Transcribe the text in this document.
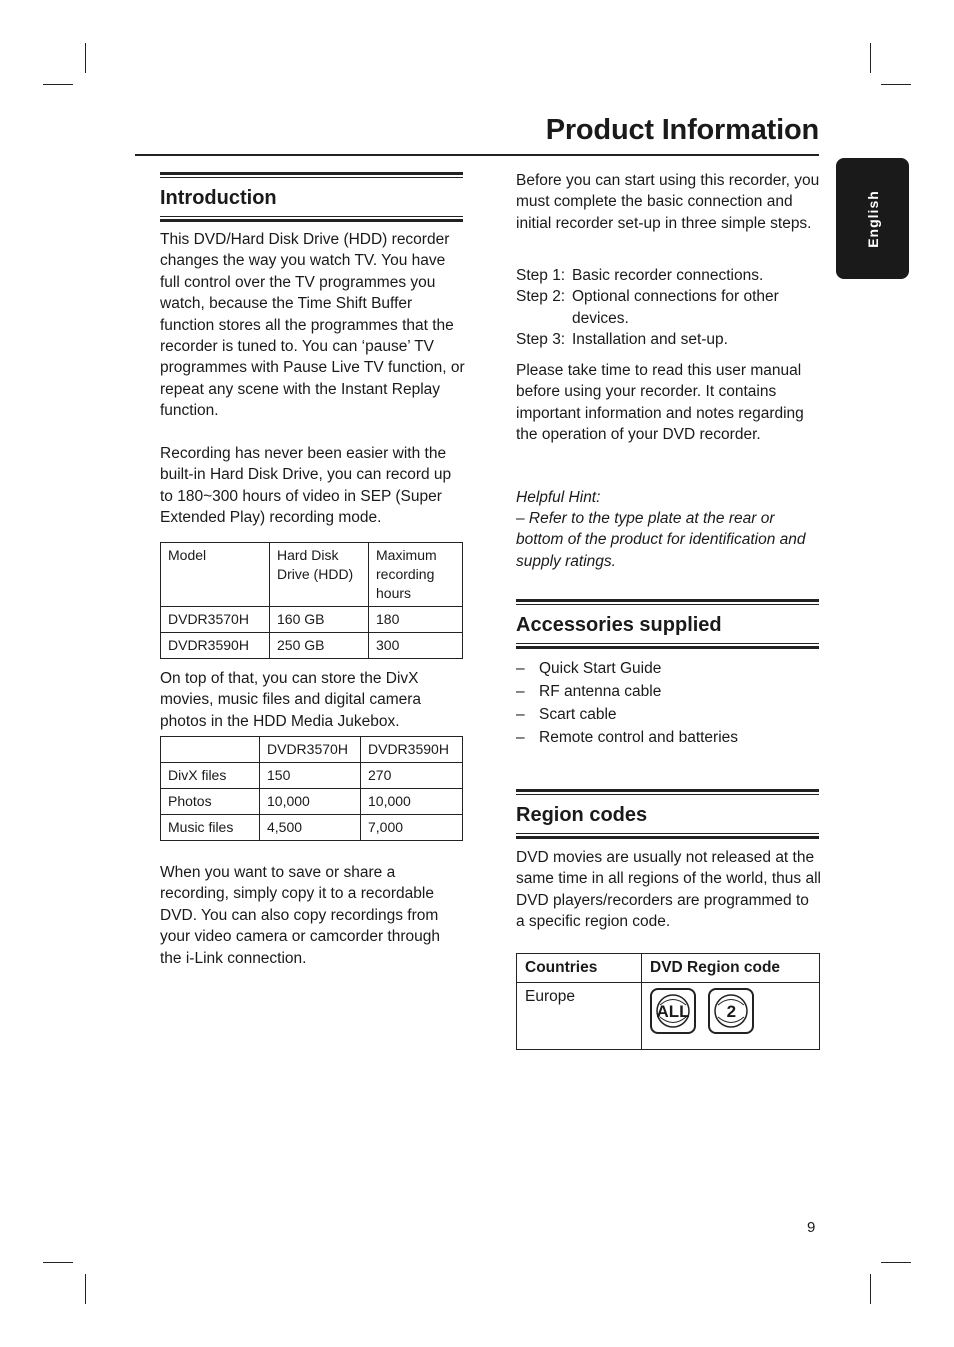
Product Information
English
Introduction

This DVD/Hard Disk Drive (HDD) recorder changes the way you watch TV. You have full control over the TV programmes you watch, because the Time Shift Buffer function stores all the programmes that the recorder is tuned to. You can ‘pause’ TV programmes with Pause Live TV function, or repeat any scene with the Instant Replay function.

Recording has never been easier with the built-in Hard Disk Drive, you can record up to 180~300 hours of video in SEP (Super Extended Play) recording mode.

Model	Hard Disk Drive (HDD)	Maximum recording hours
DVDR3570H	160 GB	180
DVDR3590H	250 GB	300

On top of that, you can store the DivX movies, music files and digital camera photos in the HDD Media Jukebox.

	DVDR3570H	DVDR3590H
DivX files	150	270
Photos	10,000	10,000
Music files	4,500	7,000

When you want to save or share a recording, simply copy it to a recordable DVD. You can also copy recordings from your video camera or camcorder through the i-Link connection.

Before you can start using this recorder, you must complete the basic connection and initial recorder set-up in three simple steps.

Step 1: Basic recorder connections.
Step 2: Optional connections for other devices.
Step 3: Installation and set-up.

Please take time to read this user manual before using your recorder. It contains important information and notes regarding the operation of your DVD recorder.

Helpful Hint:

– Refer to the type plate at the rear or bottom of the product for identification and supply ratings.

Accessories supplied
– Quick Start Guide
– RF antenna cable
– Scart cable
– Remote control and batteries
Region codes

DVD movies are usually not released at the same time in all regions of the world, thus all DVD players/recorders are programmed to a specific region code.

Countries	DVD Region code
Europe	ALL
2
9
